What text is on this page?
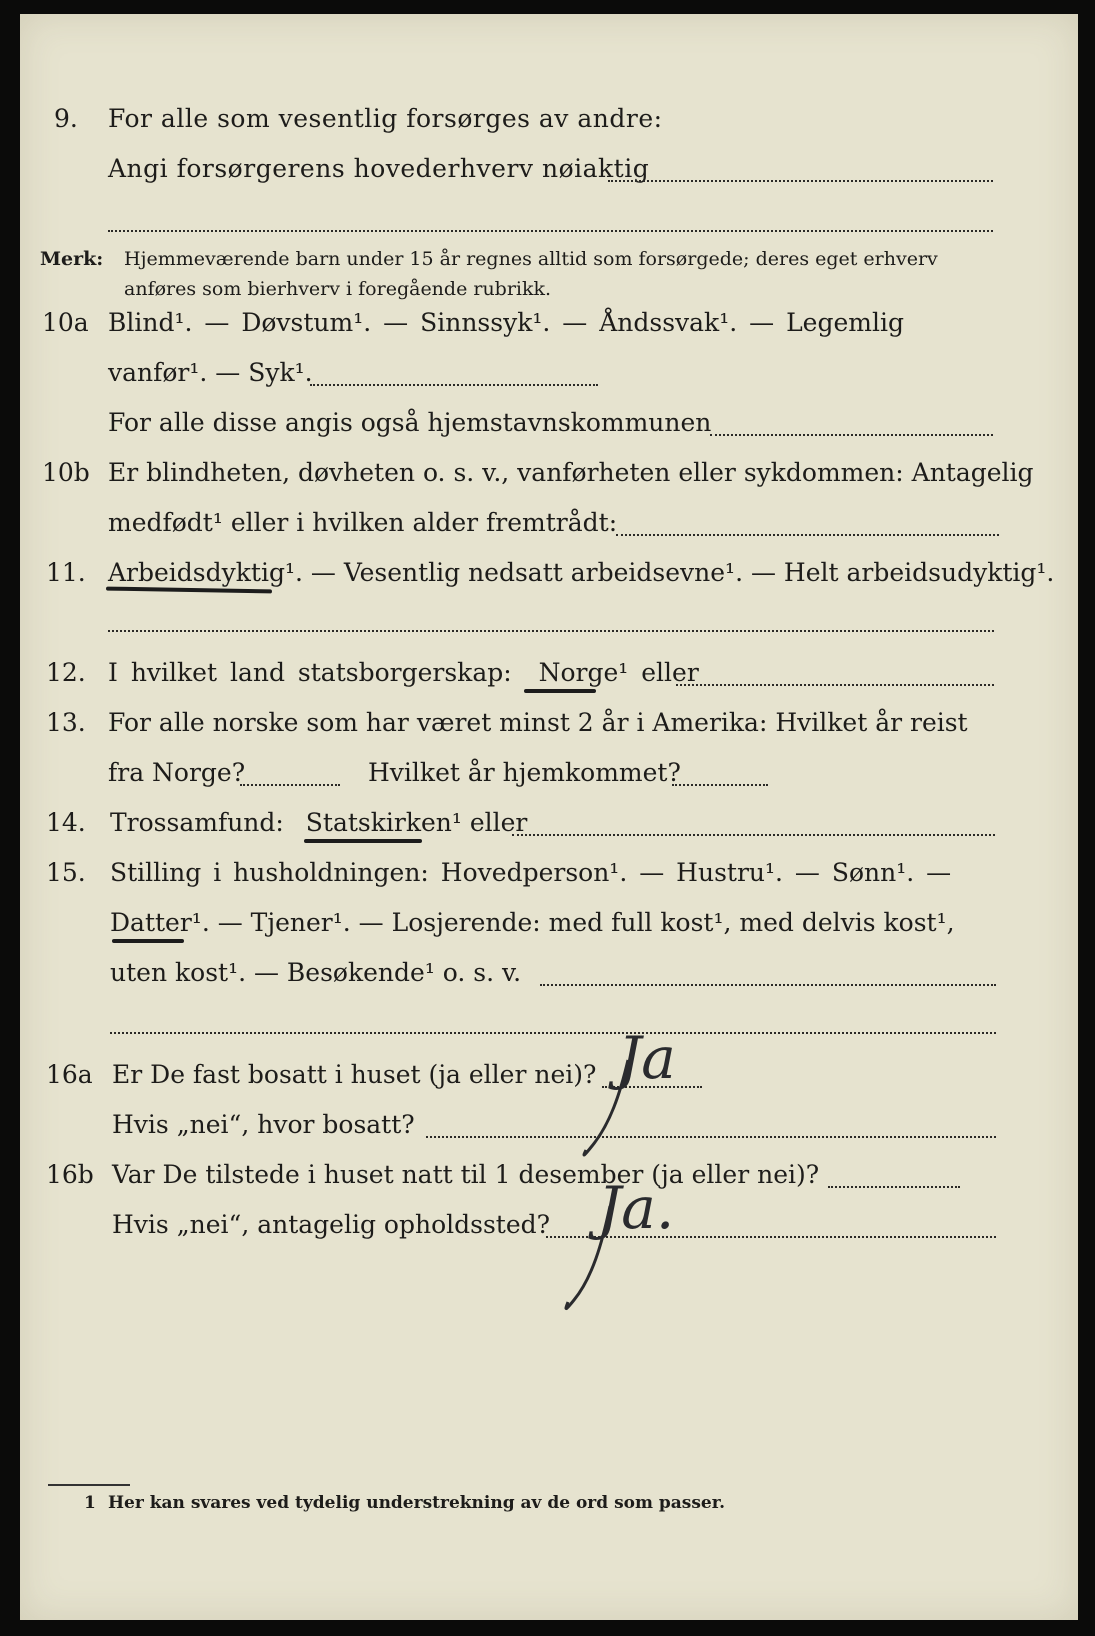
9. For alle som vesentlig forsørges av andre:
Angi forsørgerens hovederhverv nøiaktig
Merk: Hjemmeværende barn under 15 år regnes alltid som forsørgede; deres eget erhverv
anføres som bierhverv i foregående rubrikk.
10a Blind¹. — Døvstum¹. — Sinnssyk¹. — Åndssvak¹. — Legemlig
vanfør¹. — Syk¹.
For alle disse angis også hjemstavnskommunen
10b Er blindheten, døvheten o. s. v., vanførheten eller sykdommen: Antagelig
medfødt¹ eller i hvilken alder fremtrådt:
11. Arbeidsdyktig¹. — Vesentlig nedsatt arbeidsevne¹. — Helt arbeidsudyktig¹.
12. I hvilket land statsborgerskap: Norge¹ eller
13. For alle norske som har været minst 2 år i Amerika: Hvilket år reist
fra Norge?	Hvilket år hjemkommet?
14. Trossamfund: Statskirken¹ eller
15. Stilling i husholdningen: Hovedperson¹. — Hustru¹. — Sønn¹. —
Datter¹. — Tjener¹. — Losjerende: med full kost¹, med delvis kost¹,
uten kost¹. — Besøkende¹ o. s. v.
16a Er De fast bosatt i huset (ja eller nei)? Ja
Hvis „nei“, hvor bosatt?
16b Var De tilstede i huset natt til 1 desember (ja eller nei)?
Hvis „nei“, antagelig opholdssted? Ja.
1 Her kan svares ved tydelig understrekning av de ord som passer.
